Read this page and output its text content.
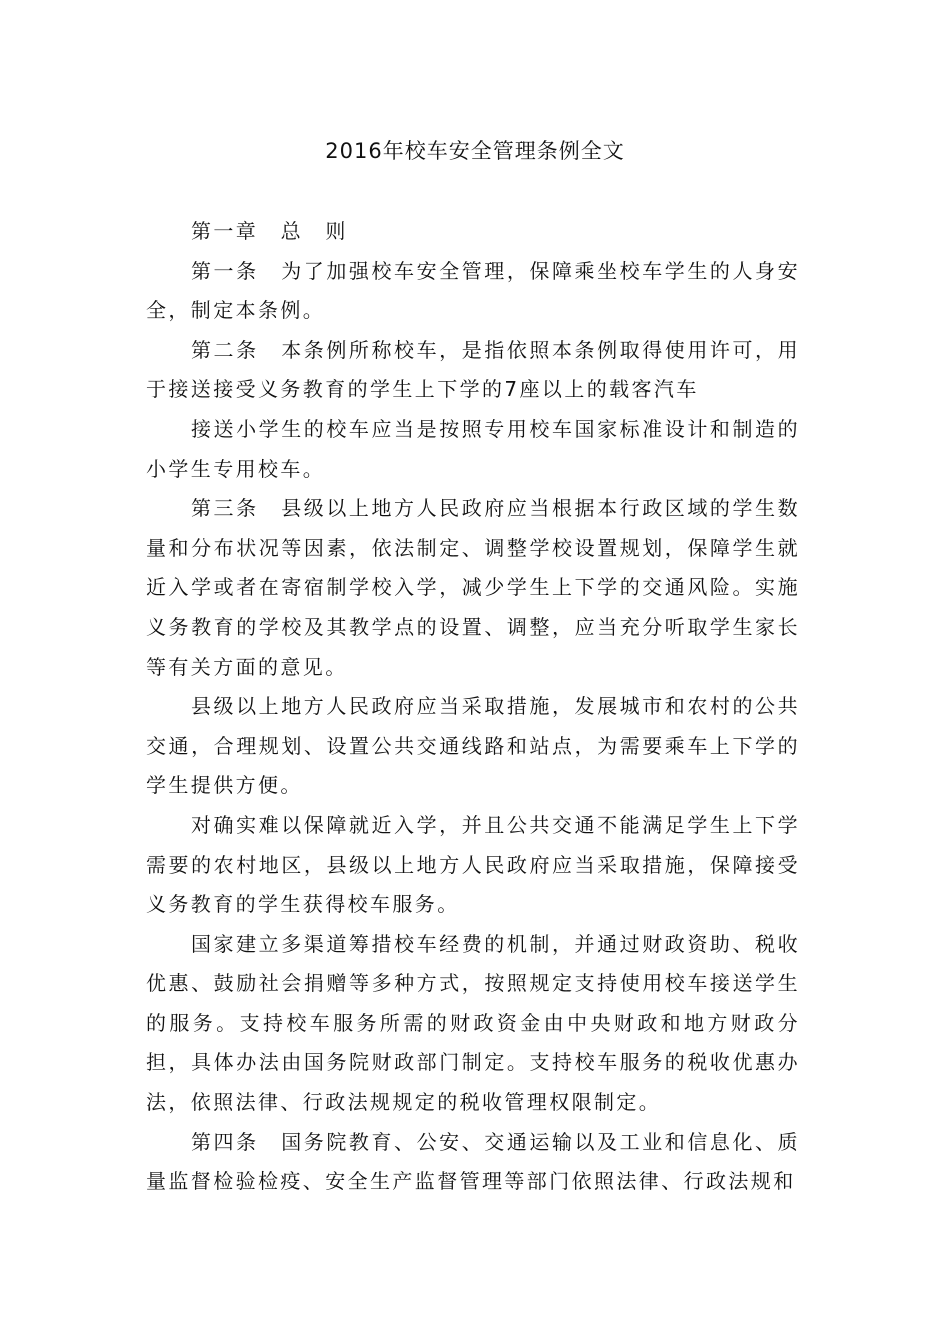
2016年校车安全管理条例全文

第一章　总　则

第一条　为了加强校车安全管理，保障乘坐校车学生的人身安全，制定本条例。

第二条　本条例所称校车，是指依照本条例取得使用许可，用于接送接受义务教育的学生上下学的7座以上的载客汽车

接送小学生的校车应当是按照专用校车国家标准设计和制造的小学生专用校车。

第三条　县级以上地方人民政府应当根据本行政区域的学生数量和分布状况等因素，依法制定、调整学校设置规划，保障学生就近入学或者在寄宿制学校入学，减少学生上下学的交通风险。实施义务教育的学校及其教学点的设置、调整，应当充分听取学生家长等有关方面的意见。

县级以上地方人民政府应当采取措施，发展城市和农村的公共交通，合理规划、设置公共交通线路和站点，为需要乘车上下学的学生提供方便。

对确实难以保障就近入学，并且公共交通不能满足学生上下学需要的农村地区，县级以上地方人民政府应当采取措施，保障接受义务教育的学生获得校车服务。

国家建立多渠道筹措校车经费的机制，并通过财政资助、税收优惠、鼓励社会捐赠等多种方式，按照规定支持使用校车接送学生的服务。支持校车服务所需的财政资金由中央财政和地方财政分担，具体办法由国务院财政部门制定。支持校车服务的税收优惠办法，依照法律、行政法规规定的税收管理权限制定。

第四条　国务院教育、公安、交通运输以及工业和信息化、质量监督检验检疫、安全生产监督管理等部门依照法律、行政法规和
